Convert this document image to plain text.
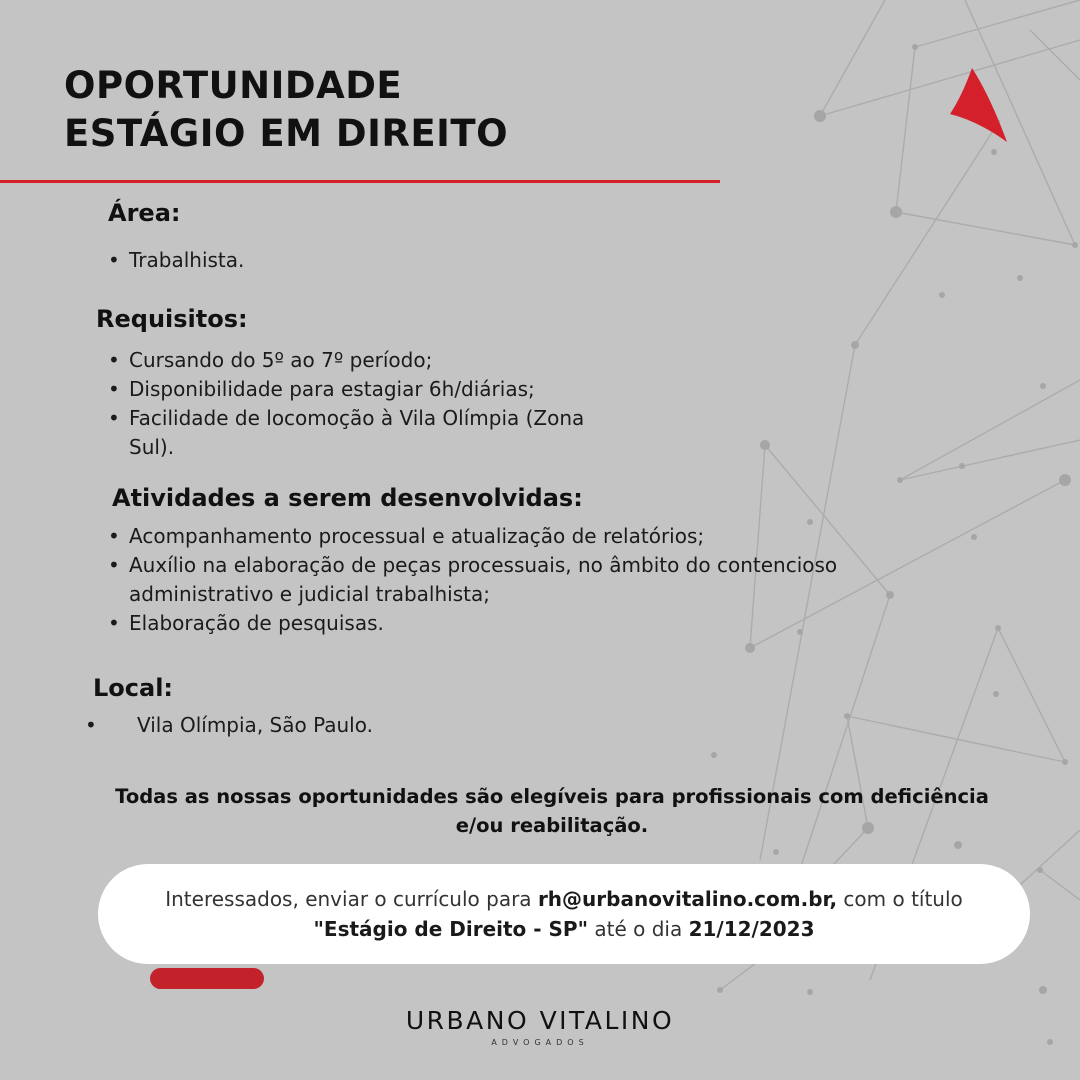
OPORTUNIDADE
ESTÁGIO EM DIREITO
Área:
• Trabalhista.
Requisitos:
• Cursando do 5º ao 7º período;
• Disponibilidade para estagiar 6h/diárias;
• Facilidade de locomoção à Vila Olímpia (Zona Sul).
Atividades a serem desenvolvidas:
• Acompanhamento processual e atualização de relatórios;
• Auxílio na elaboração de peças processuais, no âmbito do contencioso administrativo e judicial trabalhista;
• Elaboração de pesquisas.
Local:
• Vila Olímpia, São Paulo.

Todas as nossas oportunidades são elegíveis para profissionais com deficiência e/ou reabilitação.

Interessados, enviar o currículo para rh@urbanovitalino.com.br, com o título
"Estágio de Direito - SP" até o dia 21/12/2023
URBANO VITALINO
ADVOGADOS
